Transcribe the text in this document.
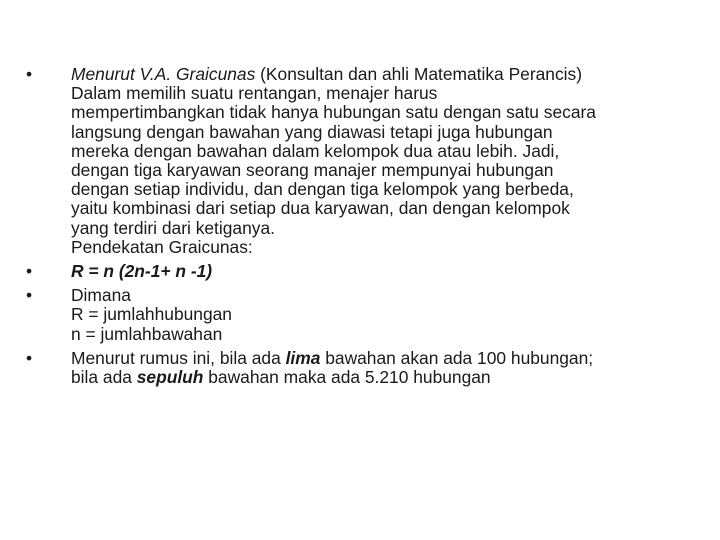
•	Menurut V.A. Graicunas (Konsultan dan ahli Matematika Perancis)
Dalam memilih suatu rentangan, menajer harus
mempertimbangkan tidak hanya hubungan satu dengan satu secara
langsung dengan bawahan yang diawasi tetapi juga hubungan
mereka dengan bawahan dalam kelompok dua atau lebih. Jadi,
dengan tiga karyawan seorang manajer mempunyai hubungan
dengan setiap individu, dan dengan tiga kelompok yang berbeda,
yaitu kombinasi dari setiap dua karyawan, dan dengan kelompok
yang terdiri dari ketiganya.
Pendekatan Graicunas:
•	R = n (2n-1+ n -1)
•	Dimana
R = jumlahhubungan
n = jumlahbawahan
•	Menurut rumus ini, bila ada lima bawahan akan ada 100 hubungan;
bila ada sepuluh bawahan maka ada 5.210 hubungan
